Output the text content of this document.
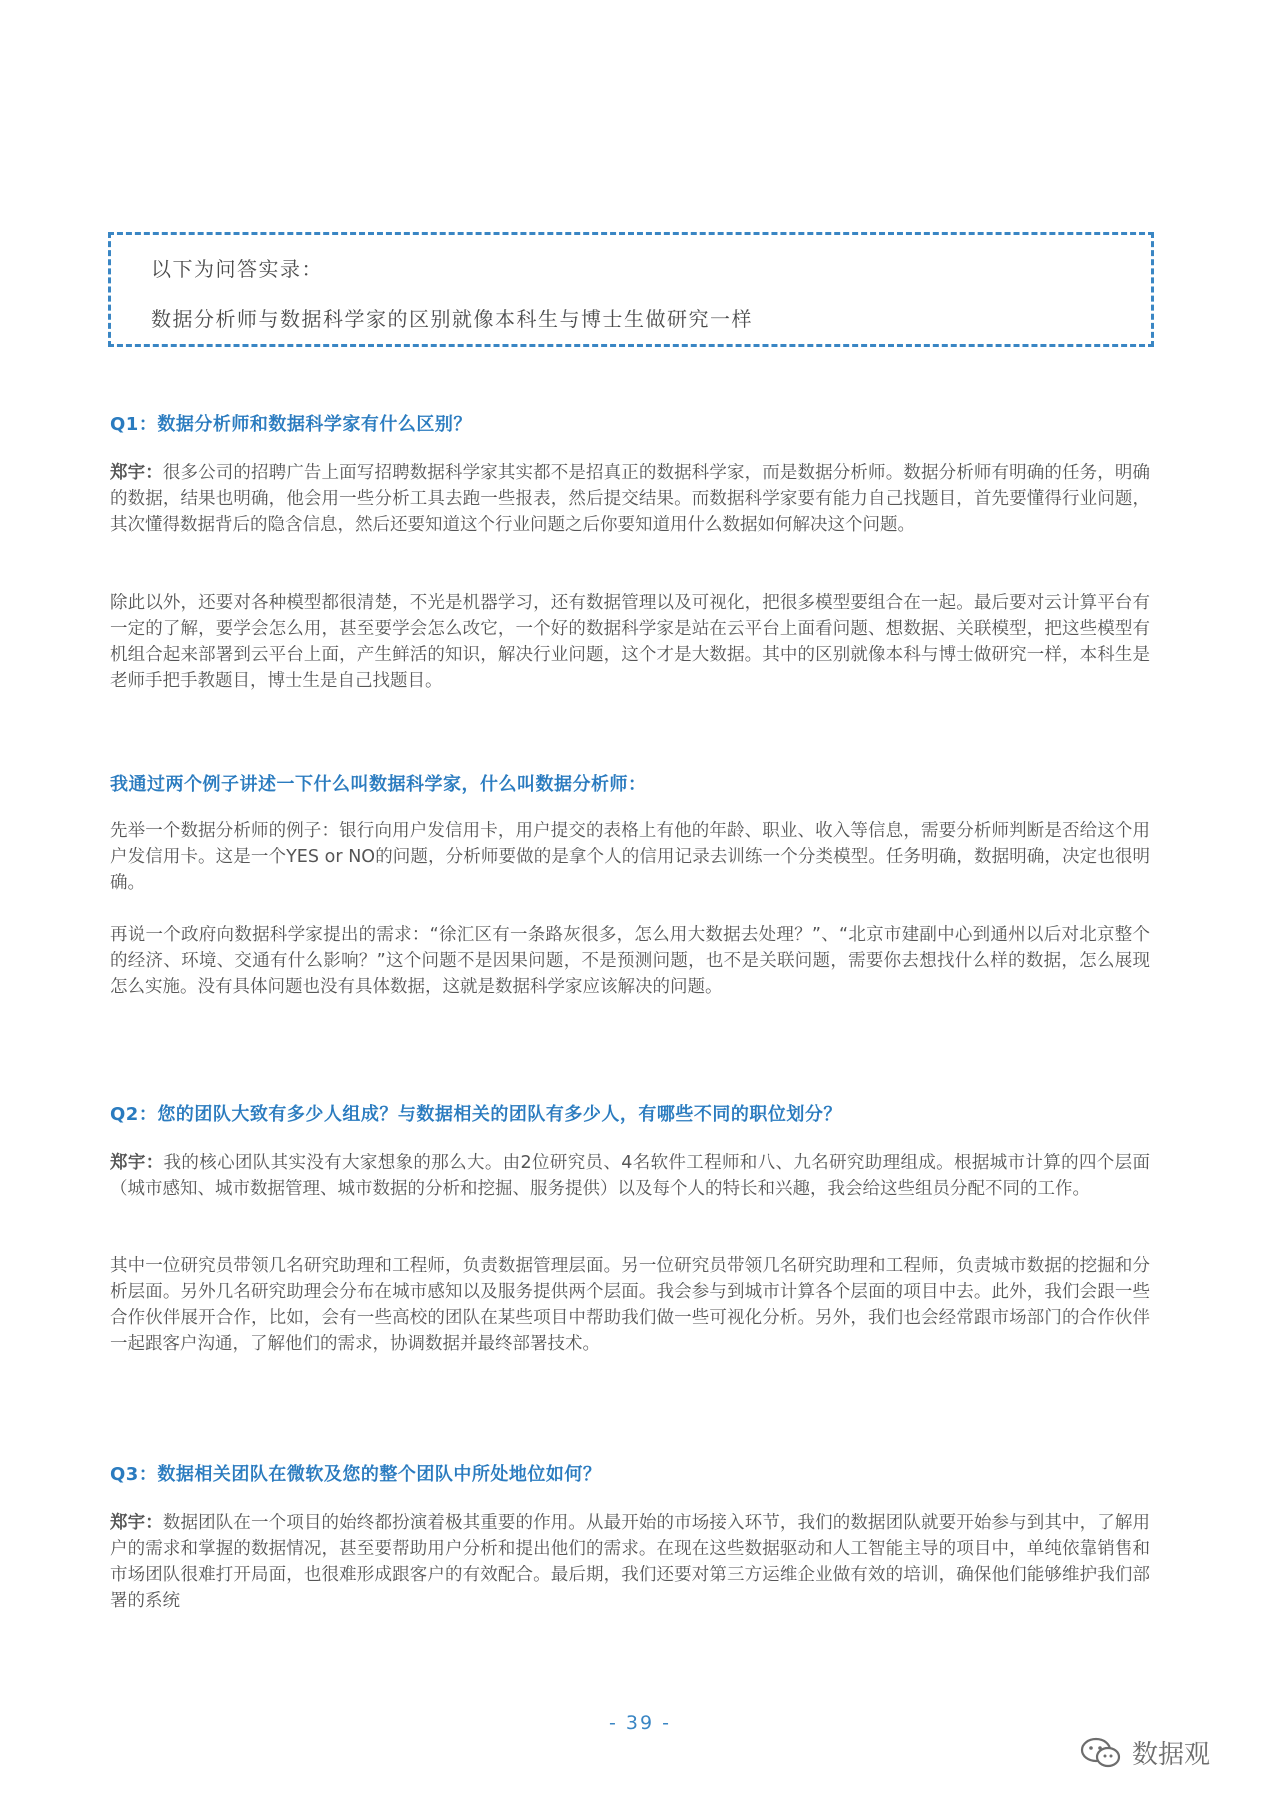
以下为问答实录：
数据分析师与数据科学家的区别就像本科生与博士生做研究一样
Q1：数据分析师和数据科学家有什么区别？

郑宇：很多公司的招聘广告上面写招聘数据科学家其实都不是招真正的数据科学家，而是数据分析师。数据分析师有明确的任务，明确的数据，结果也明确，他会用一些分析工具去跑一些报表，然后提交结果。而数据科学家要有能力自己找题目，首先要懂得行业问题，其次懂得数据背后的隐含信息，然后还要知道这个行业问题之后你要知道用什么数据如何解决这个问题。

除此以外，还要对各种模型都很清楚，不光是机器学习，还有数据管理以及可视化，把很多模型要组合在一起。最后要对云计算平台有一定的了解，要学会怎么用，甚至要学会怎么改它，一个好的数据科学家是站在云平台上面看问题、想数据、关联模型，把这些模型有机组合起来部署到云平台上面，产生鲜活的知识，解决行业问题，这个才是大数据。其中的区别就像本科与博士做研究一样，本科生是老师手把手教题目，博士生是自己找题目。

我通过两个例子讲述一下什么叫数据科学家，什么叫数据分析师：

先举一个数据分析师的例子：银行向用户发信用卡，用户提交的表格上有他的年龄、职业、收入等信息，需要分析师判断是否给这个用户发信用卡。这是一个YES or NO的问题，分析师要做的是拿个人的信用记录去训练一个分类模型。任务明确，数据明确，决定也很明确。

再说一个政府向数据科学家提出的需求：“徐汇区有一条路灰很多，怎么用大数据去处理？”、“北京市建副中心到通州以后对北京整个的经济、环境、交通有什么影响？”这个问题不是因果问题，不是预测问题，也不是关联问题，需要你去想找什么样的数据，怎么展现怎么实施。没有具体问题也没有具体数据，这就是数据科学家应该解决的问题。

Q2：您的团队大致有多少人组成？与数据相关的团队有多少人，有哪些不同的职位划分？

郑宇：我的核心团队其实没有大家想象的那么大。由2位研究员、4名软件工程师和八、九名研究助理组成。根据城市计算的四个层面（城市感知、城市数据管理、城市数据的分析和挖掘、服务提供）以及每个人的特长和兴趣，我会给这些组员分配不同的工作。

其中一位研究员带领几名研究助理和工程师，负责数据管理层面。另一位研究员带领几名研究助理和工程师，负责城市数据的挖掘和分析层面。另外几名研究助理会分布在城市感知以及服务提供两个层面。我会参与到城市计算各个层面的项目中去。此外，我们会跟一些合作伙伴展开合作，比如，会有一些高校的团队在某些项目中帮助我们做一些可视化分析。另外，我们也会经常跟市场部门的合作伙伴一起跟客户沟通，了解他们的需求，协调数据并最终部署技术。

Q3：数据相关团队在微软及您的整个团队中所处地位如何？

郑宇：数据团队在一个项目的始终都扮演着极其重要的作用。从最开始的市场接入环节，我们的数据团队就要开始参与到其中，了解用户的需求和掌握的数据情况，甚至要帮助用户分析和提出他们的需求。在现在这些数据驱动和人工智能主导的项目中，单纯依靠销售和市场团队很难打开局面，也很难形成跟客户的有效配合。最后期，我们还要对第三方运维企业做有效的培训，确保他们能够维护我们部署的系统

- 39 -
数据观
